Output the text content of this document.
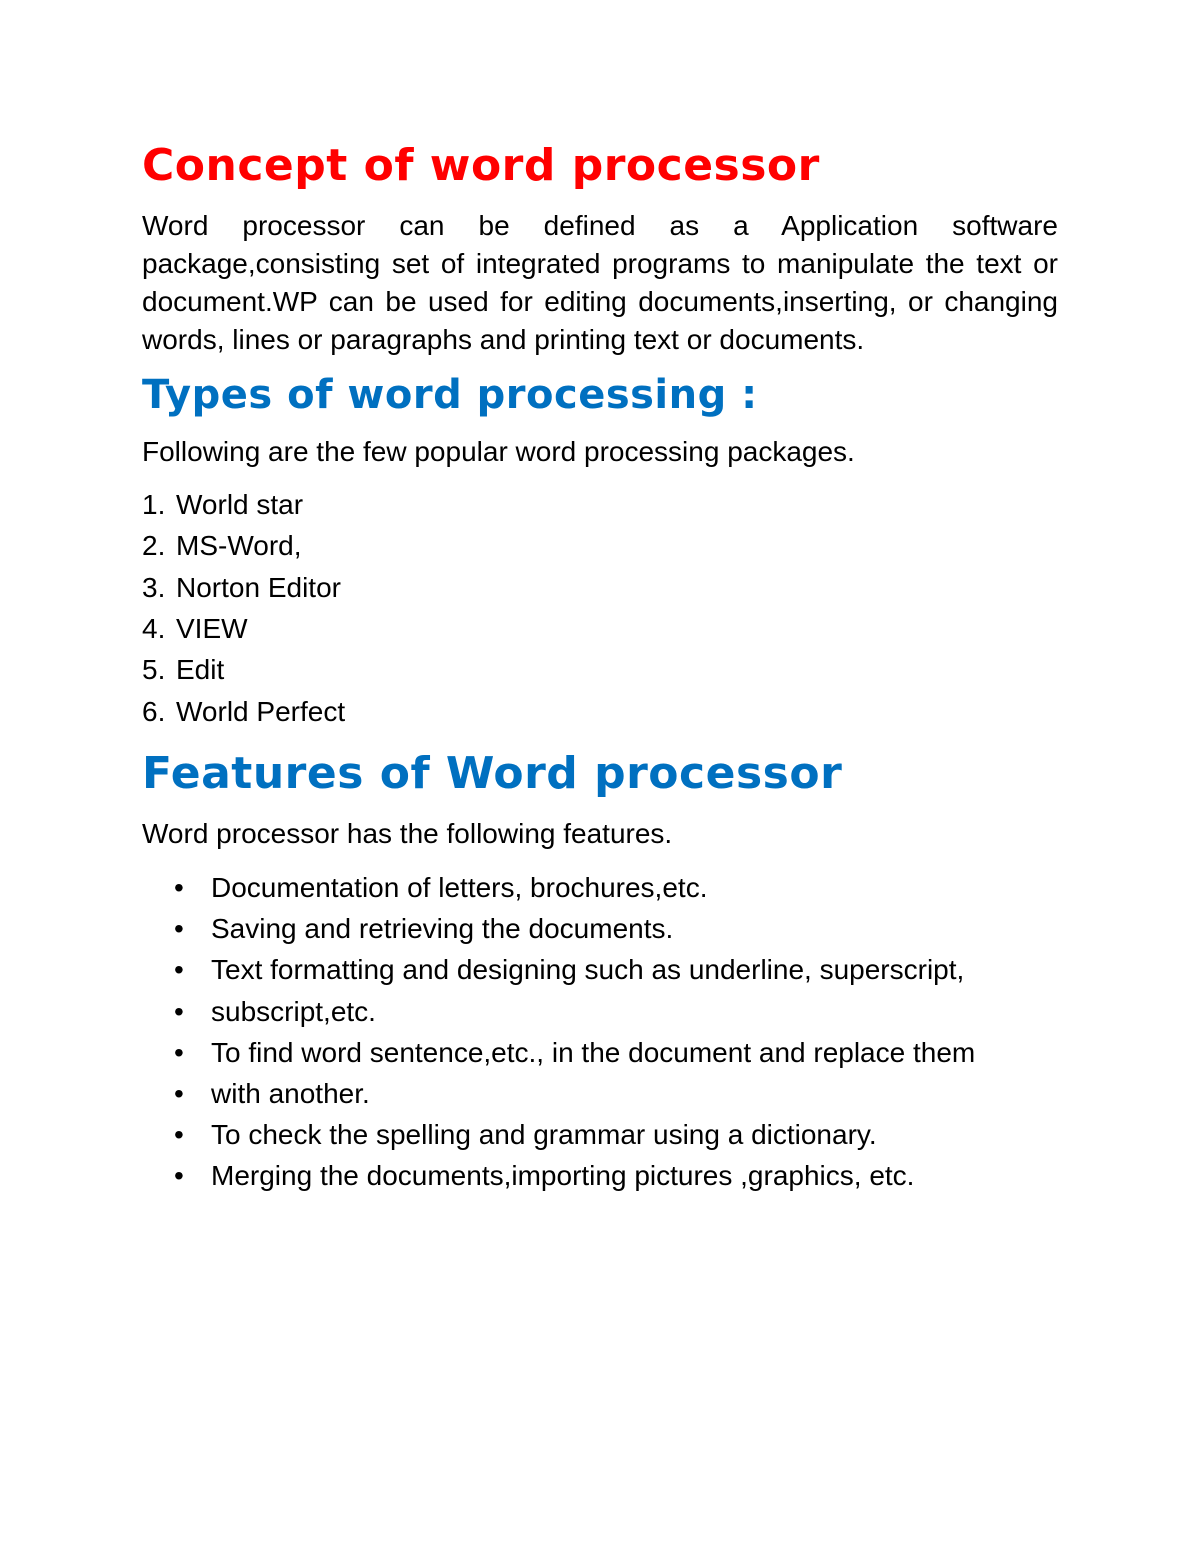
Concept of word processor

Word processor can be defined as a Application software package,consisting set of integrated programs to manipulate the text or document.WP can be used for editing documents,inserting, or changing words, lines or paragraphs and printing text or documents.

Types of word processing :

Following are the few popular word processing packages.

1. World star
2. MS-Word,
3. Norton Editor
4. VIEW
5. Edit
6. World Perfect
Features of Word processor

Word processor has the following features.

• Documentation of letters, brochures,etc.
• Saving and retrieving the documents.
• Text formatting and designing such as underline, superscript,
• subscript,etc.
• To find word sentence,etc., in the document and replace them
• with another.
• To check the spelling and grammar using a dictionary.
• Merging the documents,importing pictures ,graphics, etc.
